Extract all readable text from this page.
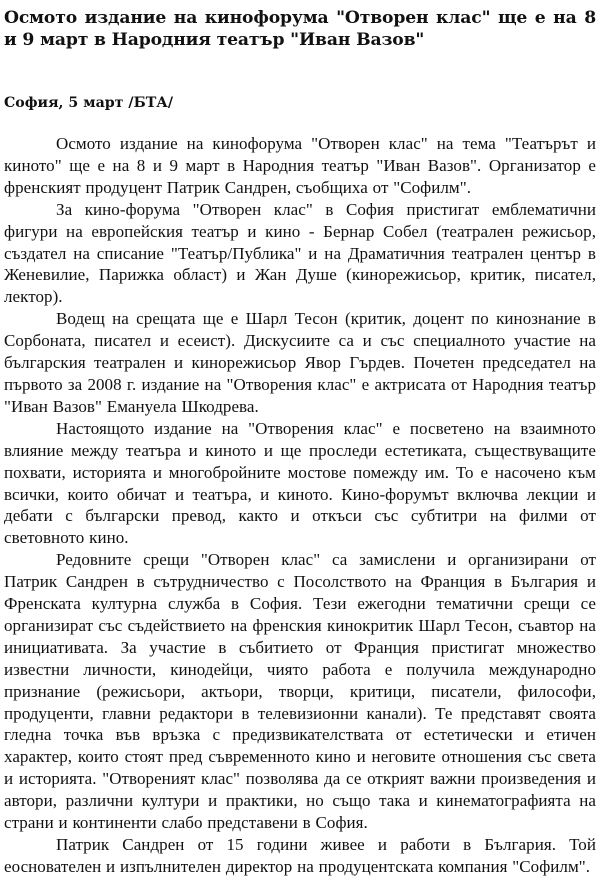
Осмото издание на кинофорума "Отворен клас" ще е на 8 и 9 март в Народния театър "Иван Вазов"

София, 5 март /БТА/

Осмото издание на кинофорума "Отворен клас" на тема "Театърът и киното" ще е на 8 и 9 март в Народния театър "Иван Вазов". Организатор е френският продуцент Патрик Сандрен, съобщиха от "Софилм".

За кино-форума "Отворен клас" в София пристигат емблематични фигури на европейския театър и кино - Бернар Собел (театрален режисьор, създател на списание "Театър/Публика" и на Драматичния театрален център в Женевилие, Парижка област) и Жан Душе (кинорежисьор, критик, писател, лектор).

Водещ на срещата ще е Шарл Тесон (критик, доцент по кинознание в Сорбоната, писател и есеист). Дискусиите са и със специалното участие на българския театрален и кинорежисьор Явор Гърдев. Почетен председател на първото за 2008 г. издание на "Отворения клас" е актрисата от Народния театър "Иван Вазов" Емануела Шкодрева.

Настоящото издание на "Отворения клас" е посветено на взаимното влияние между театъра и киното и ще проследи естетиката, съществуващите похвати, историята и многобройните мостове помежду им. То е насочено към всички, които обичат и театъра, и киното. Кино-форумът включва лекции и дебати с български превод, както и откъси със субтитри на филми от световното кино.

Редовните срещи "Отворен клас" са замислени и организирани от Патрик Сандрен в сътрудничество с Посолството на Франция в България и Френската културна служба в София. Тези ежегодни тематични срещи се организират със съдействието на френския кинокритик Шарл Тесон, съавтор на инициативата. За участие в събитието от Франция пристигат множество известни личности, кинодейци, чиято работа е получила международно признание (режисьори, актьори, творци, критици, писатели, философи, продуценти, главни редактори в телевизионни канали). Те представят своята гледна точка във връзка с предизвикателствата от естетически и етичен характер, които стоят пред съвременното кино и неговите отношения със света и историята. "Отвореният клас" позволява да се открият важни произведения и автори, различни култури и практики, но също така и кинематографията на страни и континенти слабо представени в София.

Патрик Сандрен от 15 години живее и работи в България. Той еоснователен и изпълнителен директор на продуцентската компания "Софилм".
